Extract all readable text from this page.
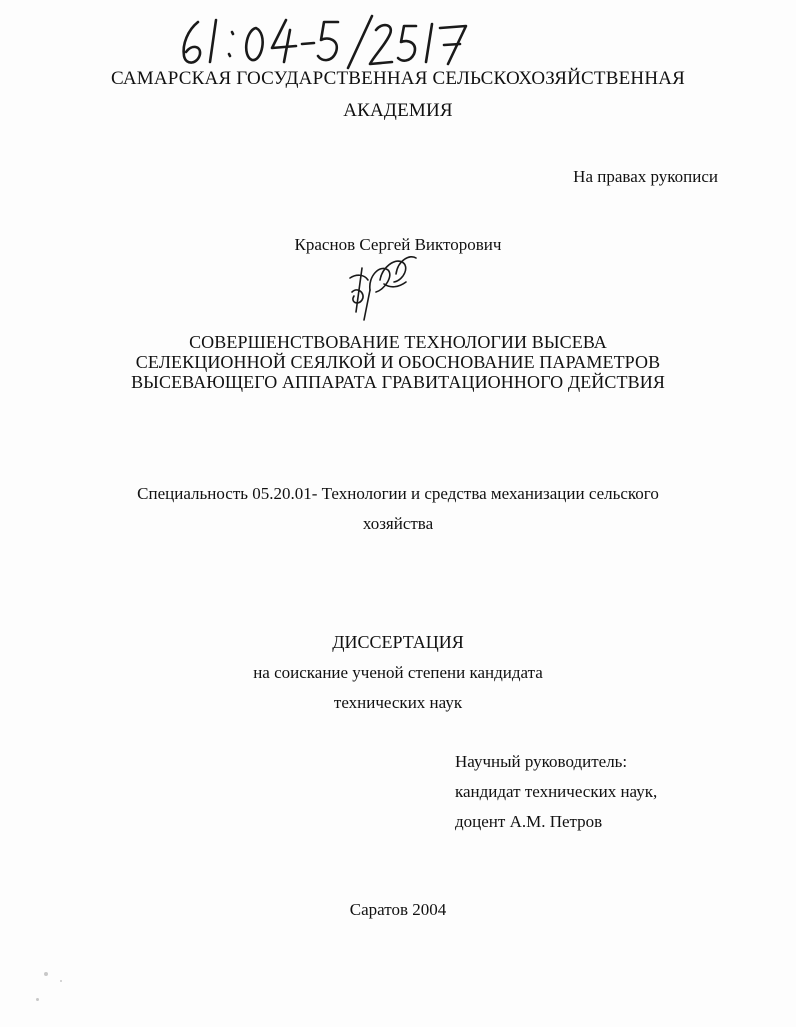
САМАРСКАЯ ГОСУДАРСТВЕННАЯ СЕЛЬСКОХОЗЯЙСТВЕННАЯ
АКАДЕМИЯ
На правах рукописи
Краснов Сергей Викторович
СОВЕРШЕНСТВОВАНИЕ ТЕХНОЛОГИИ ВЫСЕВА
СЕЛЕКЦИОННОЙ СЕЯЛКОЙ И ОБОСНОВАНИЕ ПАРАМЕТРОВ
ВЫСЕВАЮЩЕГО АППАРАТА ГРАВИТАЦИОННОГО ДЕЙСТВИЯ
Специальность 05.20.01- Технологии и средства механизации сельского
хозяйства
ДИССЕРТАЦИЯ
на соискание ученой степени кандидата
технических наук
Научный руководитель:
кандидат технических наук,
доцент А.М. Петров
Саратов 2004
